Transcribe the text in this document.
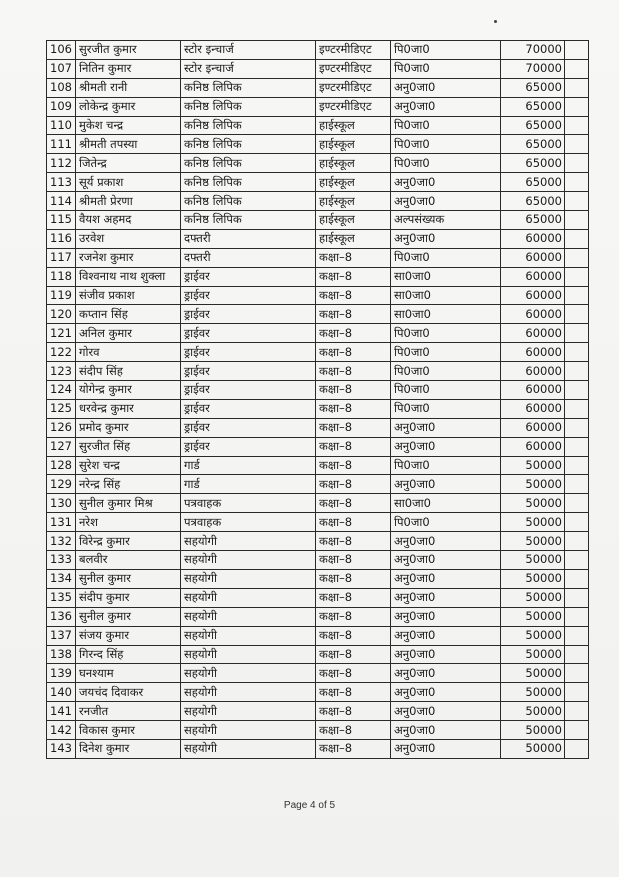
106	सुरजीत कुमार	स्टोर इन्चार्ज	इण्टरमीडिएट	पि0जा0	70000	
107	नितिन कुमार	स्टोर इन्चार्ज	इण्टरमीडिएट	पि0जा0	70000	
108	श्रीमती रानी	कनिष्ठ लिपिक	इण्टरमीडिएट	अनु0जा0	65000	
109	लोकेन्द्र कुमार	कनिष्ठ लिपिक	इण्टरमीडिएट	अनु0जा0	65000	
110	मुकेश चन्द्र	कनिष्ठ लिपिक	हाईस्कूल	पि0जा0	65000	
111	श्रीमती तपस्या	कनिष्ठ लिपिक	हाईस्कूल	पि0जा0	65000	
112	जितेन्द्र	कनिष्ठ लिपिक	हाईस्कूल	पि0जा0	65000	
113	सूर्य प्रकाश	कनिष्ठ लिपिक	हाईस्कूल	अनु0जा0	65000	
114	श्रीमती प्रेरणा	कनिष्ठ लिपिक	हाईस्कूल	अनु0जा0	65000	
115	वैयश अहमद	कनिष्ठ लिपिक	हाईस्कूल	अल्पसंख्यक	65000	
116	उरवेश	दफ्तरी	हाईस्कूल	अनु0जा0	60000	
117	रजनेश कुमार	दफ्तरी	कक्षा–8	पि0जा0	60000	
118	विश्वनाथ नाथ शुक्ला	ड्राईवर	कक्षा–8	सा0जा0	60000	
119	संजीव प्रकाश	ड्राईवर	कक्षा–8	सा0जा0	60000	
120	कप्तान सिंह	ड्राईवर	कक्षा–8	सा0जा0	60000	
121	अनिल कुमार	ड्राईवर	कक्षा–8	पि0जा0	60000	
122	गोरव	ड्राईवर	कक्षा–8	पि0जा0	60000	
123	संदीप सिंह	ड्राईवर	कक्षा–8	पि0जा0	60000	
124	योगेन्द्र कुमार	ड्राईवर	कक्षा–8	पि0जा0	60000	
125	धरवेन्द्र कुमार	ड्राईवर	कक्षा–8	पि0जा0	60000	
126	प्रमोद कुमार	ड्राईवर	कक्षा–8	अनु0जा0	60000	
127	सुरजीत सिंह	ड्राईवर	कक्षा–8	अनु0जा0	60000	
128	सुरेश चन्द्र	गार्ड	कक्षा–8	पि0जा0	50000	
129	नरेन्द्र सिंह	गार्ड	कक्षा–8	अनु0जा0	50000	
130	सुनील कुमार मिश्र	पत्रवाहक	कक्षा–8	सा0जा0	50000	
131	नरेश	पत्रवाहक	कक्षा–8	पि0जा0	50000	
132	विरेन्द्र कुमार	सहयोगी	कक्षा–8	अनु0जा0	50000	
133	बलवीर	सहयोगी	कक्षा–8	अनु0जा0	50000	
134	सुनील कुमार	सहयोगी	कक्षा–8	अनु0जा0	50000	
135	संदीप कुमार	सहयोगी	कक्षा–8	अनु0जा0	50000	
136	सुनील कुमार	सहयोगी	कक्षा–8	अनु0जा0	50000	
137	संजय कुमार	सहयोगी	कक्षा–8	अनु0जा0	50000	
138	गिरन्द सिंह	सहयोगी	कक्षा–8	अनु0जा0	50000	
139	घनश्याम	सहयोगी	कक्षा–8	अनु0जा0	50000	
140	जयचंद दिवाकर	सहयोगी	कक्षा–8	अनु0जा0	50000	
141	रनजीत	सहयोगी	कक्षा–8	अनु0जा0	50000	
142	विकास कुमार	सहयोगी	कक्षा–8	अनु0जा0	50000	
143	दिनेश कुमार	सहयोगी	कक्षा–8	अनु0जा0	50000	
Page 4 of 5
